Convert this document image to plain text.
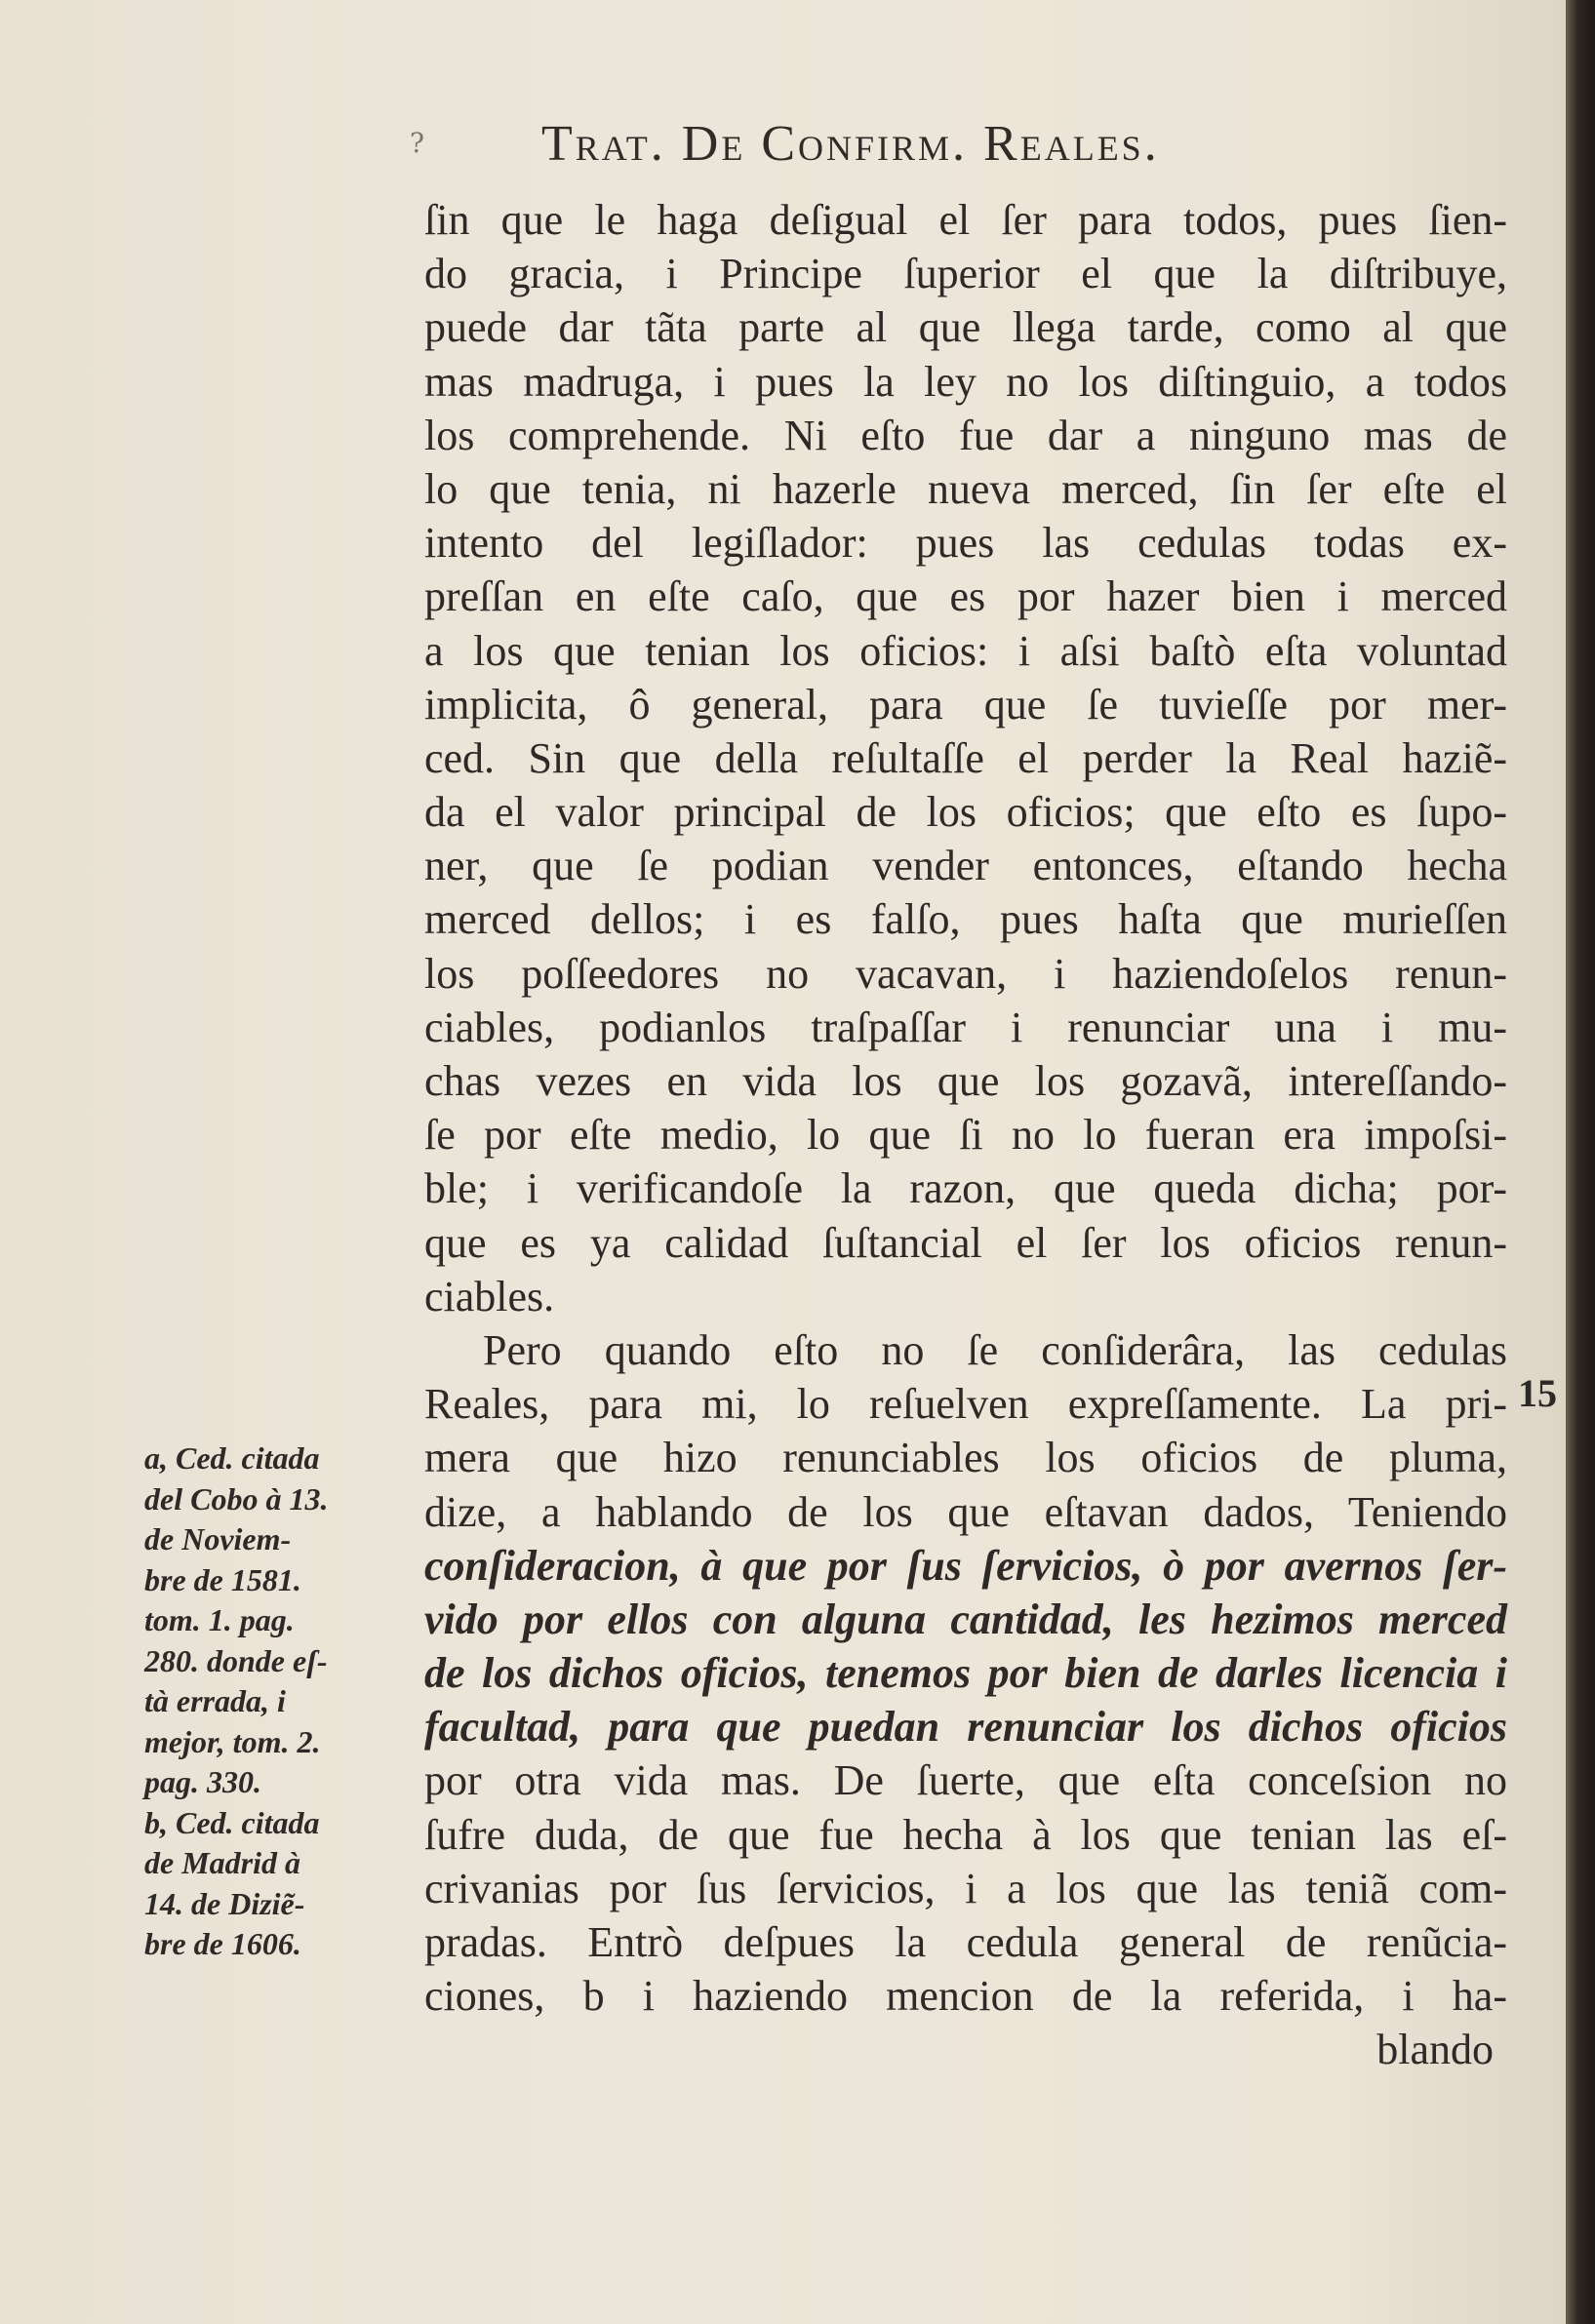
? Trat. De Confirm. Reales.
ſin que le haga deſigual el ſer para todos, pues ſien-
do gracia, i Principe ſuperior el que la diſtribuye,
puede dar tãta parte al que llega tarde, como al que
mas madruga, i pues la ley no los diſtinguio, a todos
los comprehende. Ni eſto fue dar a ninguno mas de
lo que tenia, ni hazerle nueva merced, ſin ſer eſte el
intento del legiſlador: pues las cedulas todas ex-
preſſan en eſte caſo, que es por hazer bien i merced
a los que tenian los oficios: i aſsi baſtò eſta voluntad
implicita, ô general, para que ſe tuvieſſe por mer-
ced. Sin que della reſultaſſe el perder la Real haziẽ-
da el valor principal de los oficios; que eſto es ſupo-
ner, que ſe podian vender entonces, eſtando hecha
merced dellos; i es falſo, pues haſta que murieſſen
los poſſeedores no vacavan, i haziendoſelos renun-
ciables, podianlos traſpaſſar i renunciar una i mu-
chas vezes en vida los que los gozavã, intereſſando-
ſe por eſte medio, lo que ſi no lo fueran era impoſsi-
ble; i verificandoſe la razon, que queda dicha; por-
que es ya calidad ſuſtancial el ſer los oficios renun-
ciables.
Pero quando eſto no ſe conſiderâra, las cedulas
Reales, para mi, lo reſuelven expreſſamente. La pri-
mera que hizo renunciables los oficios de pluma,
dize, a hablando de los que eſtavan dados, Teniendo
conſideracion, à que por ſus ſervicios, ò por avernos ſer-
vido por ellos con alguna cantidad, les hezimos merced
de los dichos oficios, tenemos por bien de darles licencia i
facultad, para que puedan renunciar los dichos oficios
por otra vida mas. De ſuerte, que eſta conceſsion no
ſufre duda, de que fue hecha à los que tenian las eſ-
crivanias por ſus ſervicios, i a los que las teniã com-
pradas. Entrò deſpues la cedula general de renũcia-
ciones, b i haziendo mencion de la referida, i ha-
blando
a, Ced. citada
del Cobo à 13.
de Noviem-
bre de 1581.
tom. 1. pag.
280. donde eſ-
tà errada, i
mejor, tom. 2.
pag. 330.
b, Ced. citada
de Madrid à
14. de Diziẽ-
bre de 1606.
15
